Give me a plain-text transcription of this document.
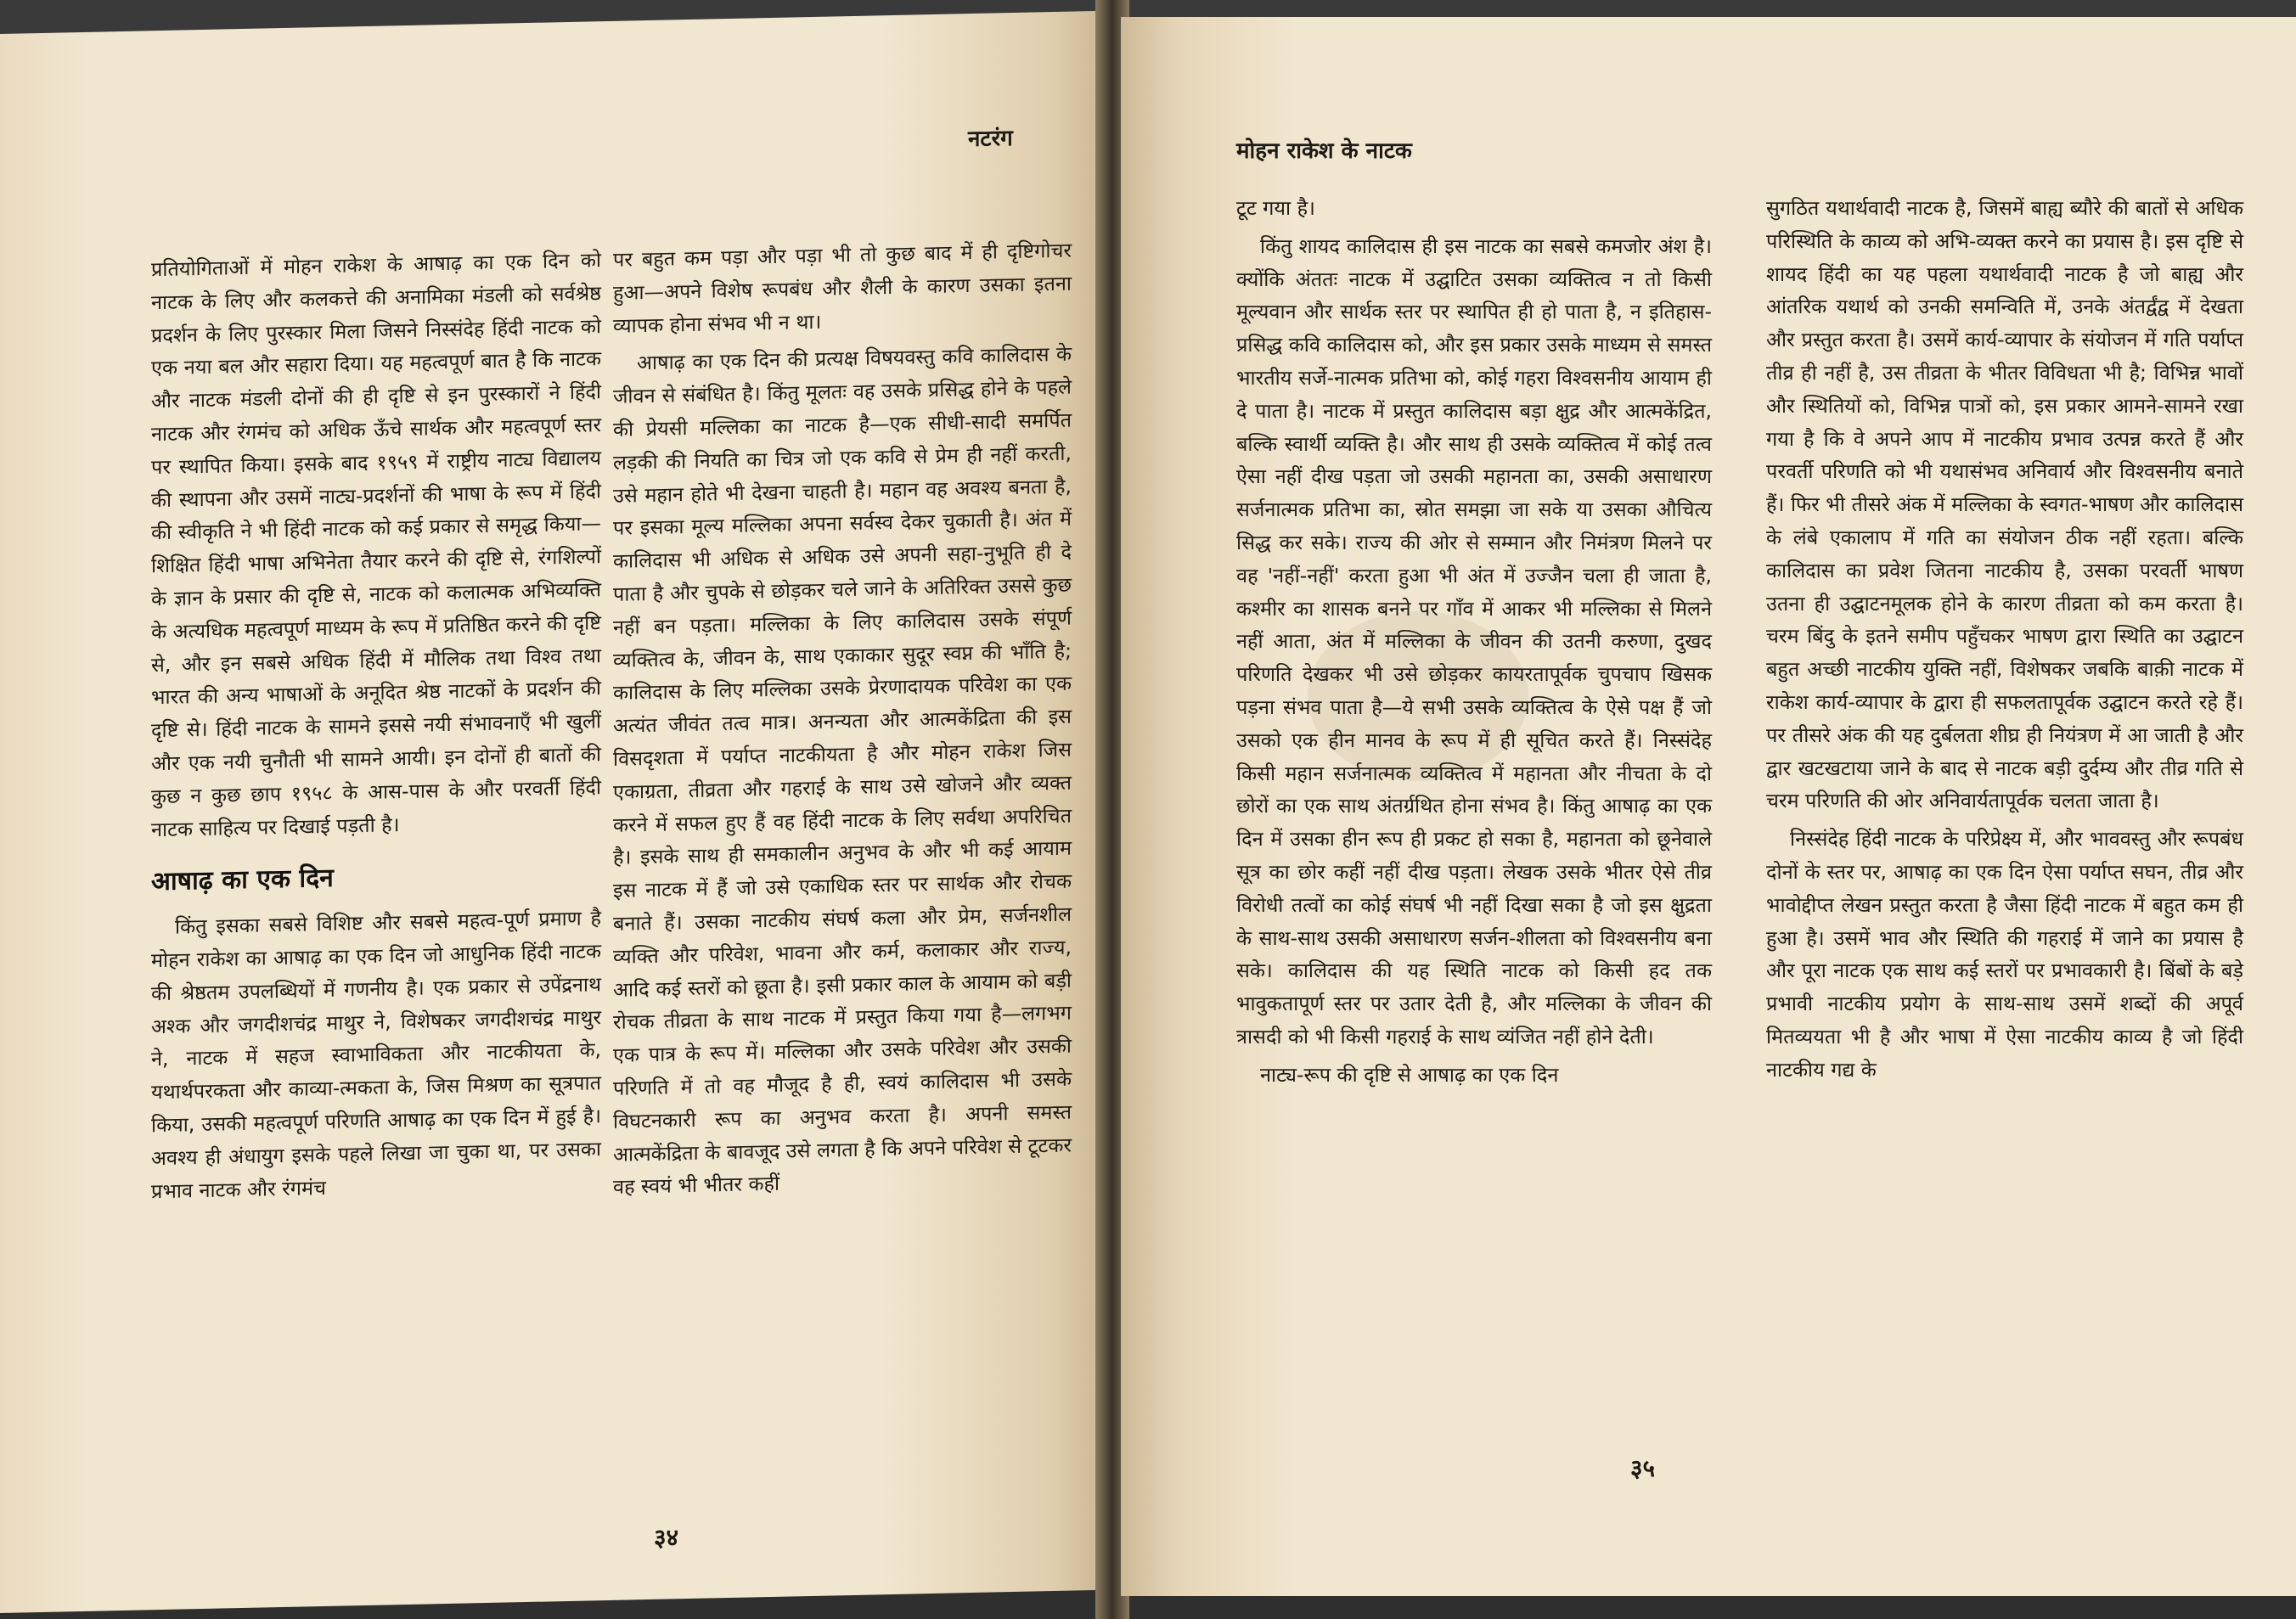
नटरंग

प्रतियोगिताओं में मोहन राकेश के आषाढ़ का एक दिन को नाटक के लिए और कलकत्ते की अनामिका मंडली को सर्वश्रेष्ठ प्रदर्शन के लिए पुरस्कार मिला जिसने निस्संदेह हिंदी नाटक को एक नया बल और सहारा दिया। यह महत्वपूर्ण बात है कि नाटक और नाटक मंडली दोनों की ही दृष्टि से इन पुरस्कारों ने हिंदी नाटक और रंगमंच को अधिक ऊँचे सार्थक और महत्वपूर्ण स्तर पर स्थापित किया। इसके बाद १९५९ में राष्ट्रीय नाट्य विद्यालय की स्थापना और उसमें नाट्य-प्रदर्शनों की भाषा के रूप में हिंदी की स्वीकृति ने भी हिंदी नाटक को कई प्रकार से समृद्ध किया—शिक्षित हिंदी भाषा अभिनेता तैयार करने की दृष्टि से, रंगशिल्पों के ज्ञान के प्रसार की दृष्टि से, नाटक को कलात्मक अभिव्यक्ति के अत्यधिक महत्वपूर्ण माध्यम के रूप में प्रतिष्ठित करने की दृष्टि से, और इन सबसे अधिक हिंदी में मौलिक तथा विश्व तथा भारत की अन्य भाषाओं के अनूदित श्रेष्ठ नाटकों के प्रदर्शन की दृष्टि से। हिंदी नाटक के सामने इससे नयी संभावनाएँ भी खुलीं और एक नयी चुनौती भी सामने आयी। इन दोनों ही बातों की कुछ न कुछ छाप १९५८ के आस-पास के और परवर्ती हिंदी नाटक साहित्य पर दिखाई पड़ती है।

आषाढ़ का एक दिन

किंतु इसका सबसे विशिष्ट और सबसे महत्व-पूर्ण प्रमाण है मोहन राकेश का आषाढ़ का एक दिन जो आधुनिक हिंदी नाटक की श्रेष्ठतम उपलब्धियों में गणनीय है। एक प्रकार से उपेंद्रनाथ अश्क और जगदीशचंद्र माथुर ने, विशेषकर जगदीशचंद्र माथुर ने, नाटक में सहज स्वाभाविकता और नाटकीयता के, यथार्थपरकता और काव्या-त्मकता के, जिस मिश्रण का सूत्रपात किया, उसकी महत्वपूर्ण परिणति आषाढ़ का एक दिन में हुई है। अवश्य ही अंधायुग इसके पहले लिखा जा चुका था, पर उसका प्रभाव नाटक और रंगमंच

पर बहुत कम पड़ा और पड़ा भी तो कुछ बाद में ही दृष्टिगोचर हुआ—अपने विशेष रूपबंध और शैली के कारण उसका इतना व्यापक होना संभव भी न था।

आषाढ़ का एक दिन की प्रत्यक्ष विषयवस्तु कवि कालिदास के जीवन से संबंधित है। किंतु मूलतः वह उसके प्रसिद्ध होने के पहले की प्रेयसी मल्लिका का नाटक है—एक सीधी-सादी समर्पित लड़की की नियति का चित्र जो एक कवि से प्रेम ही नहीं करती, उसे महान होते भी देखना चाहती है। महान वह अवश्य बनता है, पर इसका मूल्य मल्लिका अपना सर्वस्व देकर चुकाती है। अंत में कालिदास भी अधिक से अधिक उसे अपनी सहा-नुभूति ही दे पाता है और चुपके से छोड़कर चले जाने के अतिरिक्त उससे कुछ नहीं बन पड़ता। मल्लिका के लिए कालिदास उसके संपूर्ण व्यक्तित्व के, जीवन के, साथ एकाकार सुदूर स्वप्न की भाँति है; कालिदास के लिए मल्लिका उसके प्रेरणादायक परिवेश का एक अत्यंत जीवंत तत्व मात्र। अनन्यता और आत्मकेंद्रिता की इस विसदृशता में पर्याप्त नाटकीयता है और मोहन राकेश जिस एकाग्रता, तीव्रता और गहराई के साथ उसे खोजने और व्यक्त करने में सफल हुए हैं वह हिंदी नाटक के लिए सर्वथा अपरिचित है। इसके साथ ही समकालीन अनुभव के और भी कई आयाम इस नाटक में हैं जो उसे एकाधिक स्तर पर सार्थक और रोचक बनाते हैं। उसका नाटकीय संघर्ष कला और प्रेम, सर्जनशील व्यक्ति और परिवेश, भावना और कर्म, कलाकार और राज्य, आदि कई स्तरों को छूता है। इसी प्रकार काल के आयाम को बड़ी रोचक तीव्रता के साथ नाटक में प्रस्तुत किया गया है—लगभग एक पात्र के रूप में। मल्लिका और उसके परिवेश और उसकी परिणति में तो वह मौजूद है ही, स्वयं कालिदास भी उसके विघटनकारी रूप का अनुभव करता है। अपनी समस्त आत्मकेंद्रिता के बावजूद उसे लगता है कि अपने परिवेश से टूटकर वह स्वयं भी भीतर कहीं

३४
मोहन राकेश के नाटक

टूट गया है।

किंतु शायद कालिदास ही इस नाटक का सबसे कमजोर अंश है। क्योंकि अंततः नाटक में उद्घाटित उसका व्यक्तित्व न तो किसी मूल्यवान और सार्थक स्तर पर स्थापित ही हो पाता है, न इतिहास-प्रसिद्ध कवि कालिदास को, और इस प्रकार उसके माध्यम से समस्त भारतीय सर्जे-नात्मक प्रतिभा को, कोई गहरा विश्वसनीय आयाम ही दे पाता है। नाटक में प्रस्तुत कालिदास बड़ा क्षुद्र और आत्मकेंद्रित, बल्कि स्वार्थी व्यक्ति है। और साथ ही उसके व्यक्तित्व में कोई तत्व ऐसा नहीं दीख पड़ता जो उसकी महानता का, उसकी असाधारण सर्जनात्मक प्रतिभा का, स्रोत समझा जा सके या उसका औचित्य सिद्ध कर सके। राज्य की ओर से सम्मान और निमंत्रण मिलने पर वह 'नहीं-नहीं' करता हुआ भी अंत में उज्जैन चला ही जाता है, कश्मीर का शासक बनने पर गाँव में आकर भी मल्लिका से मिलने नहीं आता, अंत में मल्लिका के जीवन की उतनी करुणा, दुखद परिणति देखकर भी उसे छोड़कर कायरतापूर्वक चुपचाप खिसक पड़ना संभव पाता है—ये सभी उसके व्यक्तित्व के ऐसे पक्ष हैं जो उसको एक हीन मानव के रूप में ही सूचित करते हैं। निस्संदेह किसी महान सर्जनात्मक व्यक्तित्व में महानता और नीचता के दो छोरों का एक साथ अंतर्ग्रथित होना संभव है। किंतु आषाढ़ का एक दिन में उसका हीन रूप ही प्रकट हो सका है, महानता को छूनेवाले सूत्र का छोर कहीं नहीं दीख पड़ता। लेखक उसके भीतर ऐसे तीव्र विरोधी तत्वों का कोई संघर्ष भी नहीं दिखा सका है जो इस क्षुद्रता के साथ-साथ उसकी असाधारण सर्जन-शीलता को विश्वसनीय बना सके। कालिदास की यह स्थिति नाटक को किसी हद तक भावुकतापूर्ण स्तर पर उतार देती है, और मल्लिका के जीवन की त्रासदी को भी किसी गहराई के साथ व्यंजित नहीं होने देती।

नाट्य-रूप की दृष्टि से आषाढ़ का एक दिन

सुगठित यथार्थवादी नाटक है, जिसमें बाह्य ब्यौरे की बातों से अधिक परिस्थिति के काव्य को अभि-व्यक्त करने का प्रयास है। इस दृष्टि से शायद हिंदी का यह पहला यथार्थवादी नाटक है जो बाह्य और आंतरिक यथार्थ को उनकी समन्विति में, उनके अंतर्द्वंद्व में देखता और प्रस्तुत करता है। उसमें कार्य-व्यापार के संयोजन में गति पर्याप्त तीव्र ही नहीं है, उस तीव्रता के भीतर विविधता भी है; विभिन्न भावों और स्थितियों को, विभिन्न पात्रों को, इस प्रकार आमने-सामने रखा गया है कि वे अपने आप में नाटकीय प्रभाव उत्पन्न करते हैं और परवर्ती परिणति को भी यथासंभव अनिवार्य और विश्वसनीय बनाते हैं। फिर भी तीसरे अंक में मल्लिका के स्वगत-भाषण और कालिदास के लंबे एकालाप में गति का संयोजन ठीक नहीं रहता। बल्कि कालिदास का प्रवेश जितना नाटकीय है, उसका परवर्ती भाषण उतना ही उद्घाटनमूलक होने के कारण तीव्रता को कम करता है। चरम बिंदु के इतने समीप पहुँचकर भाषण द्वारा स्थिति का उद्घाटन बहुत अच्छी नाटकीय युक्ति नहीं, विशेषकर जबकि बाक़ी नाटक में राकेश कार्य-व्यापार के द्वारा ही सफलतापूर्वक उद्घाटन करते रहे हैं। पर तीसरे अंक की यह दुर्बलता शीघ्र ही नियंत्रण में आ जाती है और द्वार खटखटाया जाने के बाद से नाटक बड़ी दुर्दम्य और तीव्र गति से चरम परिणति की ओर अनिवार्यतापूर्वक चलता जाता है।

निस्संदेह हिंदी नाटक के परिप्रेक्ष्य में, और भाववस्तु और रूपबंध दोनों के स्तर पर, आषाढ़ का एक दिन ऐसा पर्याप्त सघन, तीव्र और भावोद्दीप्त लेखन प्रस्तुत करता है जैसा हिंदी नाटक में बहुत कम ही हुआ है। उसमें भाव और स्थिति की गहराई में जाने का प्रयास है और पूरा नाटक एक साथ कई स्तरों पर प्रभावकारी है। बिंबों के बड़े प्रभावी नाटकीय प्रयोग के साथ-साथ उसमें शब्दों की अपूर्व मितव्ययता भी है और भाषा में ऐसा नाटकीय काव्य है जो हिंदी नाटकीय गद्य के

३५
